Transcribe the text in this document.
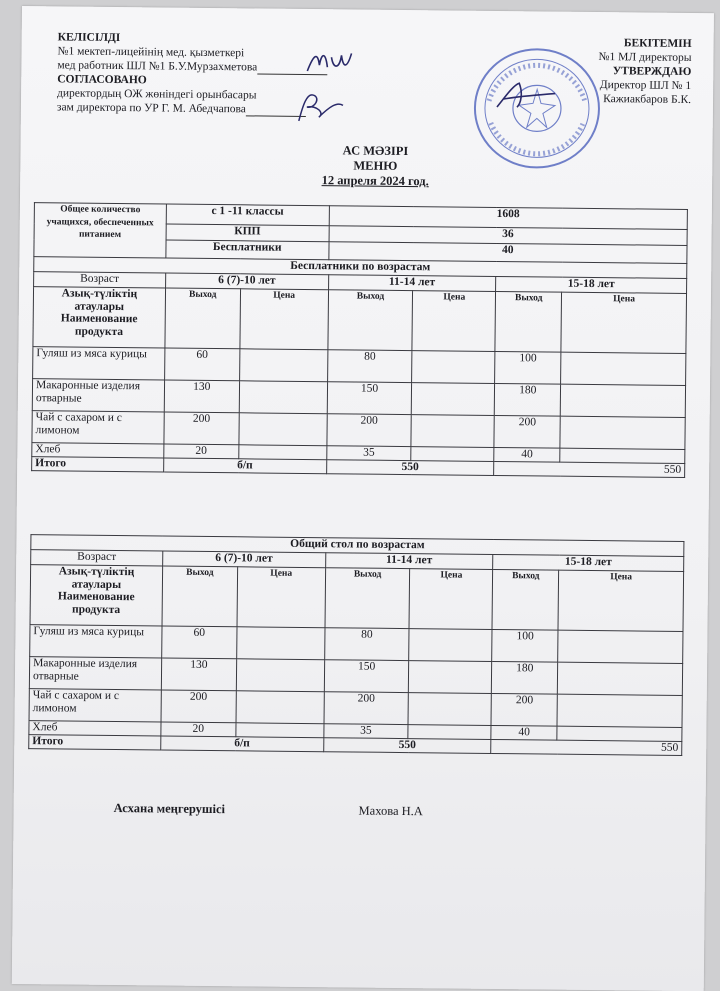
КЕЛІСІЛДІ
№1 мектеп-лицейінің мед. қызметкері
мед работник ШЛ №1 Б.У.Мурзахметова
СОГЛАСОВАНО
директордың ОЖ жөніндегі орынбасары
зам директора по УР Г. М. Абедчапова
БЕКІТЕМІН
№1 МЛ директоры
УТВЕРЖДАЮ
Директор ШЛ № 1
Кажиакбаров Б.К.
АС МӘЗІРІ
МЕНЮ
12 апреля 2024 год.
Общее количество учащихся, обеспеченных питанием	с 1 -11 классы		1608			
	КПП		36			
	Бесплатники		40			
Бесплатники по возрастам						
Возраст	6 (7)-10 лет		11-14 лет		15-18 лет	
Азық-түліктің атаулары Наименование продукта	Выход	Цена	Выход	Цена	Выход	Цена
Гуляш из мяса курицы	60		80		100	
Макаронные изделия отварные	130		150		180	
Чай с сахаром и с лимоном	200		200		200	
Хлеб	20		35		40	
Итого	б/п		550		550	
Общий стол по возрастам						
Возраст	6 (7)-10 лет		11-14 лет		15-18 лет	
Азық-түліктің атаулары Наименование продукта	Выход	Цена	Выход	Цена	Выход	Цена
Гуляш из мяса курицы	60		80		100	
Макаронные изделия отварные	130		150		180	
Чай с сахаром и с лимоном	200		200		200	
Хлеб	20		35		40	
Итого	б/п		550		550	
Асхана меңгерушісі	Махова Н.А
